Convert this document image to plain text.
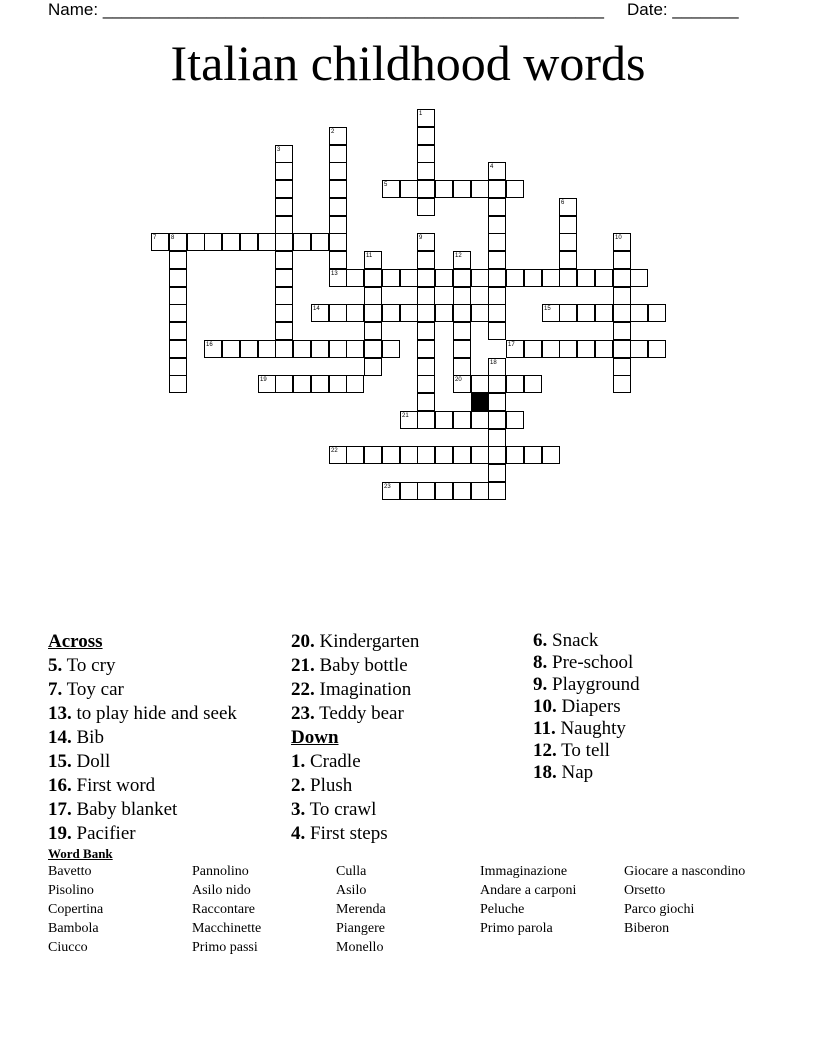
Name: _____________________________________________________ Date: _______
Italian childhood words
1
2
3
4
5
6
7 8	9	10
11	12
13
14	15
16	17
18
19	20
21
22
23
Across
5. To cry
7. Toy car
13. to play hide and seek
14. Bib
15. Doll
16. First word
17. Baby blanket
19. Pacifier
20. Kindergarten
21. Baby bottle
22. Imagination
23. Teddy bear
Down
1. Cradle
2. Plush
3. To crawl
4. First steps
6. Snack
8. Pre-school
9. Playground
10. Diapers
11. Naughty
12. To tell
18. Nap
Word Bank
Bavetto
Pisolino
Copertina
Bambola
Ciucco
Pannolino
Asilo nido
Raccontare
Macchinette
Primo passi
Culla
Asilo
Merenda
Piangere
Monello
Immaginazione
Andare a carponi
Peluche
Primo parola
Giocare a nascondino
Orsetto
Parco giochi
Biberon
